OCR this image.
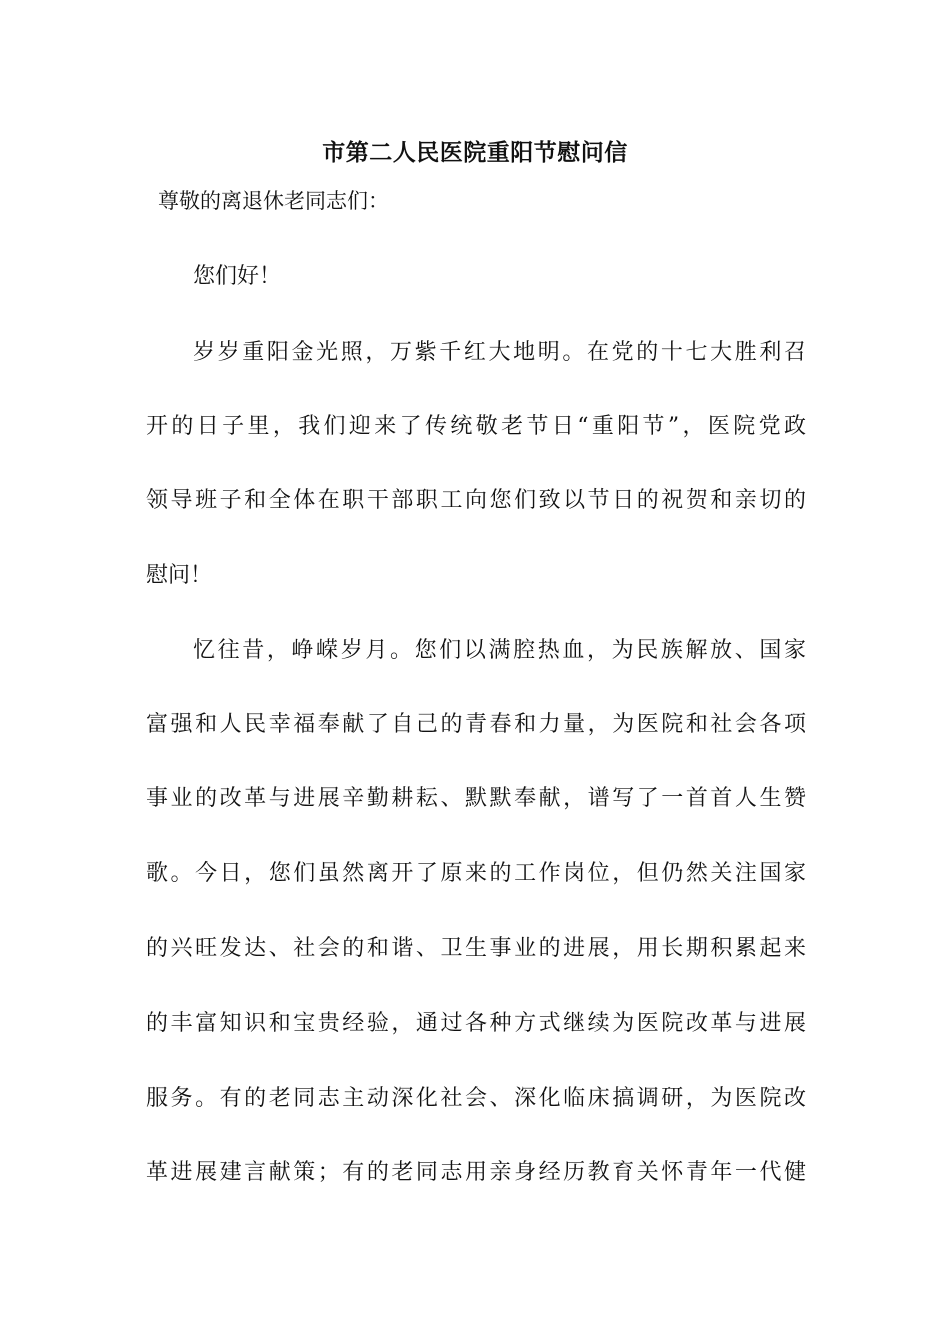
市第二人民医院重阳节慰问信
尊敬的离退休老同志们：
您们好！
岁岁重阳金光照，万紫千红大地明。在党的十七大胜利召
开的日子里，我们迎来了传统敬老节日“重阳节”，医院党政
领导班子和全体在职干部职工向您们致以节日的祝贺和亲切的
慰问！
忆往昔，峥嵘岁月。您们以满腔热血，为民族解放、国家
富强和人民幸福奉献了自己的青春和力量，为医院和社会各项
事业的改革与进展辛勤耕耘、默默奉献，谱写了一首首人生赞
歌。今日，您们虽然离开了原来的工作岗位，但仍然关注国家
的兴旺发达、社会的和谐、卫生事业的进展，用长期积累起来
的丰富知识和宝贵经验，通过各种方式继续为医院改革与进展
服务。有的老同志主动深化社会、深化临床搞调研，为医院改
革进展建言献策；有的老同志用亲身经历教育关怀青年一代健
